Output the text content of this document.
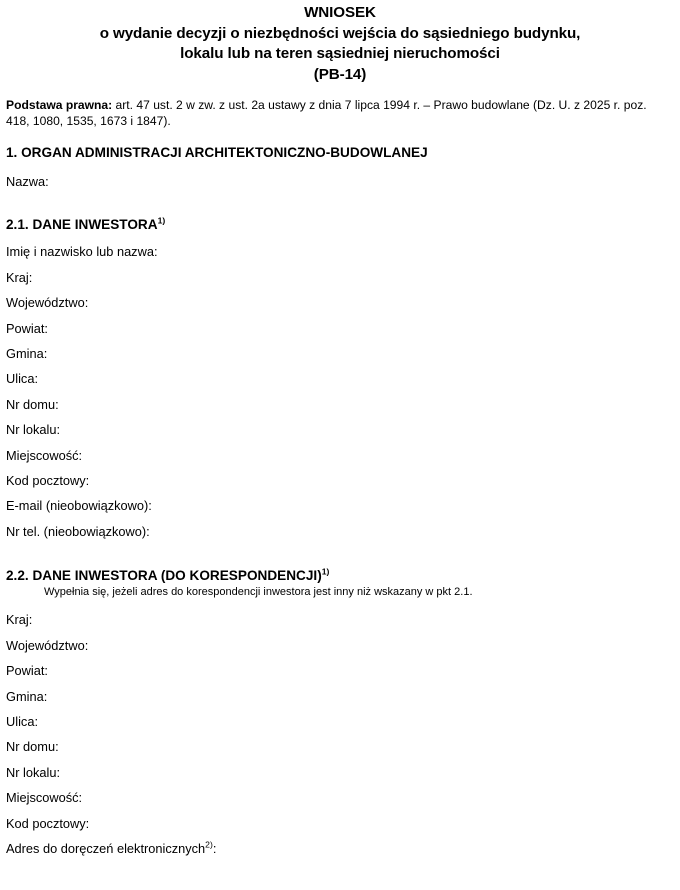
WNIOSEK
o wydanie decyzji o niezbędności wejścia do sąsiedniego budynku,
lokalu lub na teren sąsiedniej nieruchomości
(PB-14)
Podstawa prawna: art. 47 ust. 2 w zw. z ust. 2a ustawy z dnia 7 lipca 1994 r. – Prawo budowlane (Dz. U. z 2025 r. poz. 418, 1080, 1535, 1673 i 1847).
1. ORGAN ADMINISTRACJI ARCHITEKTONICZNO-BUDOWLANEJ
Nazwa:
2.1. DANE INWESTORA$^{1)}$
Imię i nazwisko lub nazwa:
Kraj:
Województwo:
Powiat:
Gmina:
Ulica:
Nr domu:
Nr lokalu:
Miejscowość:
Kod pocztowy:
E-mail (nieobowiązkowo):
Nr tel. (nieobowiązkowo):
2.2. DANE INWESTORA (DO KORESPONDENCJI)$^{1)}$
Wypełnia się, jeżeli adres do korespondencji inwestora jest inny niż wskazany w pkt 2.1.
Kraj:
Województwo:
Powiat:
Gmina:
Ulica:
Nr domu:
Nr lokalu:
Miejscowość:
Kod pocztowy:
Adres do doręczeń elektronicznych$^{2)}$:
